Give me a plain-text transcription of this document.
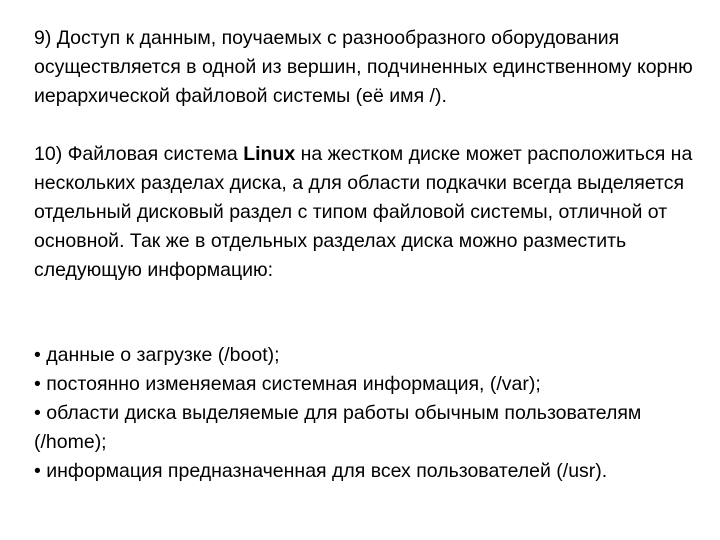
9) Доступ к данным, поучаемых с разнообразного оборудования осуществляется в одной из вершин, подчиненных единственному корню иерархической файловой системы (её имя /).
10) Файловая система Linux на жестком диске может расположиться на нескольких разделах диска, а для области подкачки всегда выделяется отдельный дисковый раздел с типом файловой системы, отличной от основной. Так же в отдельных разделах диска можно разместить следующую информацию:
• данные о загрузке (/boot);
• постоянно изменяемая системная информация, (/var);
• области диска выделяемые для работы обычным пользователям (/home);
• информация предназначенная для всех пользователей (/usr).
